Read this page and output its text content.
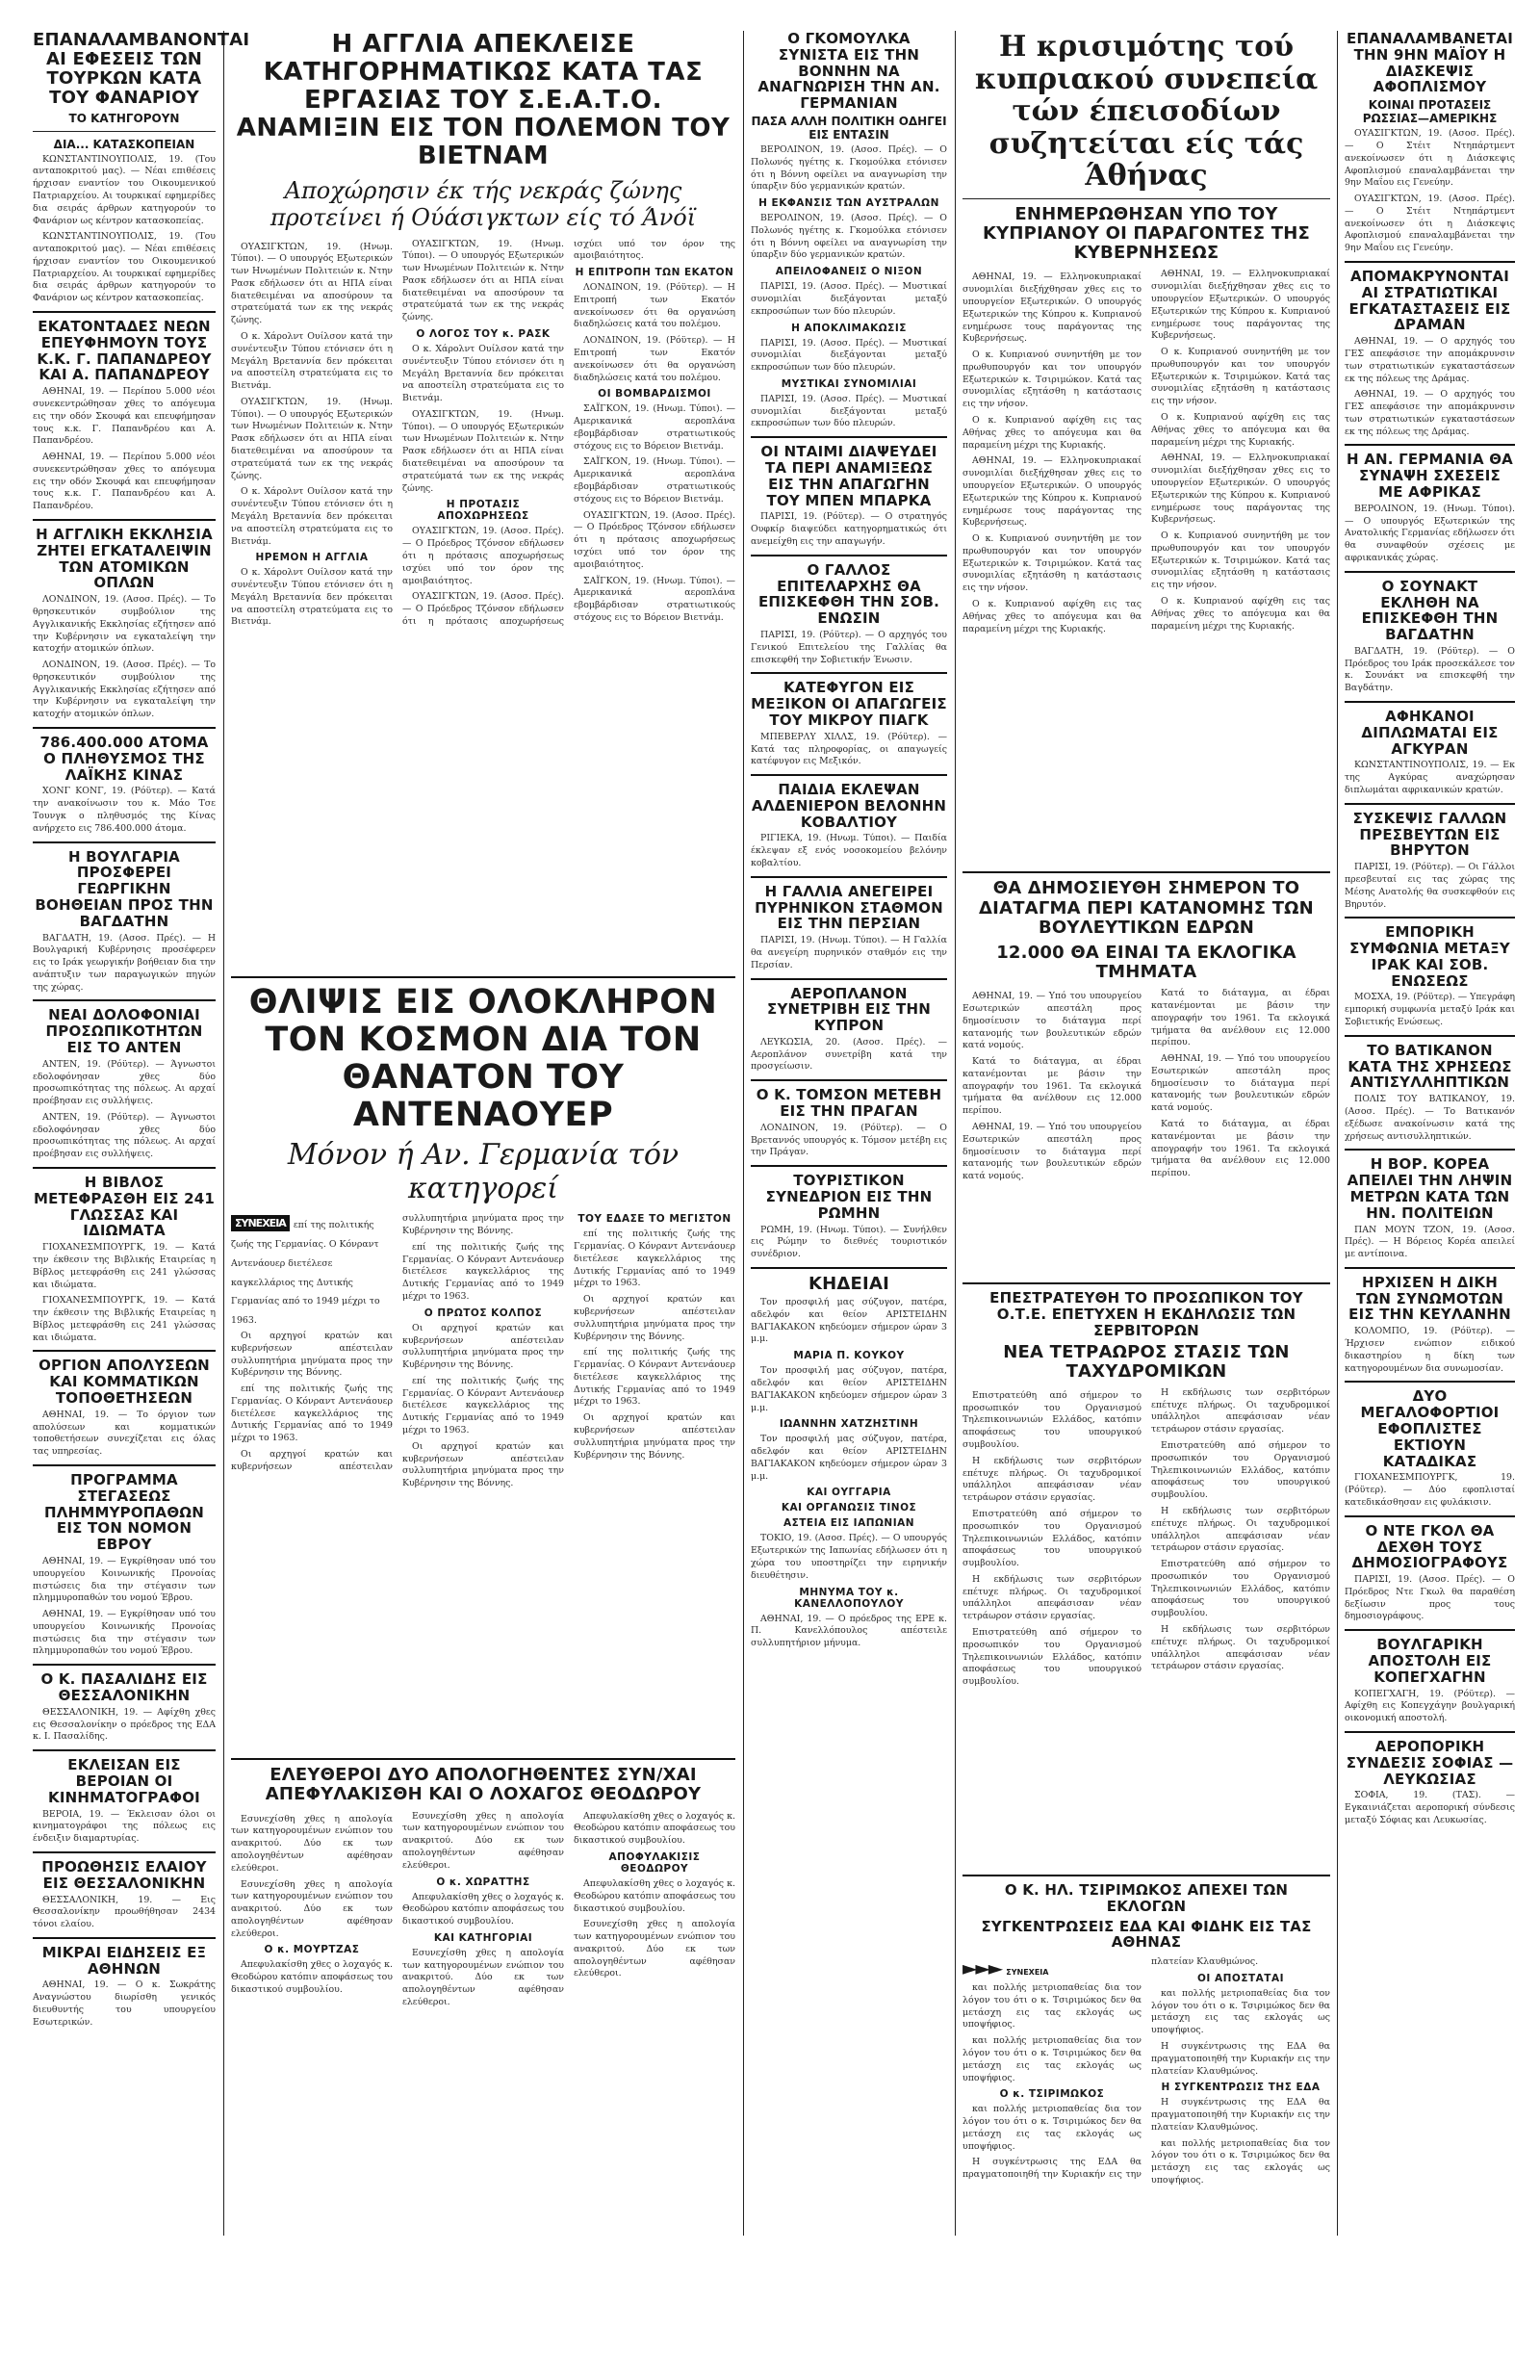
ΕΠΑΝΑΛΑΜΒΑΝΟΝΤΑΙ ΑΙ ΕΦΕΣΕΙΣ ΤΩΝ ΤΟΥΡΚΩΝ ΚΑΤΑ ΤΟΥ ΦΑΝΑΡΙΟΥ
ΤΟ ΚΑΤΗΓΟΡΟΥΝ
ΔΙΑ... ΚΑΤΑΣΚΟΠΕΙΑΝ
ΚΩΝΣΤΑΝΤΙΝΟΥΠΟΛΙΣ, 19. (Του ανταποκριτού μας). — Νέαι επιθέσεις ήρχισαν εναντίον του Οικουμενικού Πατριαρχείου. Αι τουρκικαί εφημερίδες δια σειράς άρθρων κατηγορούν το Φανάριον ως κέντρον κατασκοπείας.
ΚΩΝΣΤΑΝΤΙΝΟΥΠΟΛΙΣ, 19. (Του ανταποκριτού μας). — Νέαι επιθέσεις ήρχισαν εναντίον του Οικουμενικού Πατριαρχείου. Αι τουρκικαί εφημερίδες δια σειράς άρθρων κατηγορούν το Φανάριον ως κέντρον κατασκοπείας.
ΕΚΑΤΟΝΤΑΔΕΣ ΝΕΩΝ ΕΠΕΥΦΗΜΟΥΝ ΤΟΥΣ Κ.Κ. Γ. ΠΑΠΑΝΔΡΕΟΥ ΚΑΙ Α. ΠΑΠΑΝΔΡΕΟΥ
ΑΘΗΝΑΙ, 19. — Περίπου 5.000 νέοι συνεκεντρώθησαν χθες το απόγευμα εις την οδόν Σκουφά και επευφήμησαν τους κ.κ. Γ. Παπανδρέου και Α. Παπανδρέου.
ΑΘΗΝΑΙ, 19. — Περίπου 5.000 νέοι συνεκεντρώθησαν χθες το απόγευμα εις την οδόν Σκουφά και επευφήμησαν τους κ.κ. Γ. Παπανδρέου και Α. Παπανδρέου.
Η ΑΓΓΛΙΚΗ ΕΚΚΛΗΣΙΑ ΖΗΤΕΙ ΕΓΚΑΤΑΛΕΙΨΙΝ ΤΩΝ ΑΤΟΜΙΚΩΝ ΟΠΛΩΝ
ΛΟΝΔΙΝΟΝ, 19. (Ασοσ. Πρές). — Το θρησκευτικόν συμβούλιον της Αγγλικανικής Εκκλησίας εζήτησεν από την Κυβέρνησιν να εγκαταλείψη την κατοχήν ατομικών όπλων.
ΛΟΝΔΙΝΟΝ, 19. (Ασοσ. Πρές). — Το θρησκευτικόν συμβούλιον της Αγγλικανικής Εκκλησίας εζήτησεν από την Κυβέρνησιν να εγκαταλείψη την κατοχήν ατομικών όπλων.
786.400.000 ΑΤΟΜΑ Ο ΠΛΗΘΥΣΜΟΣ ΤΗΣ ΛΑΪΚΗΣ ΚΙΝΑΣ
ΧΟΝΓ ΚΟΝΓ, 19. (Ρόϋτερ). — Κατά την ανακοίνωσιν του κ. Μάο Τσε Τουνγκ ο πληθυσμός της Κίνας ανήρχετο εις 786.400.000 άτομα.
Η ΒΟΥΛΓΑΡΙΑ ΠΡΟΣΦΕΡΕΙ ΓΕΩΡΓΙΚΗΝ ΒΟΗΘΕΙΑΝ ΠΡΟΣ ΤΗΝ ΒΑΓΔΑΤΗΝ
ΒΑΓΔΑΤΗ, 19. (Ασοσ. Πρές). — Η Βουλγαρική Κυβέρνησις προσέφερεν εις το Ιράκ γεωργικήν βοήθειαν δια την ανάπτυξιν των παραγωγικών πηγών της χώρας.
ΝΕΑΙ ΔΟΛΟΦΟΝΙΑΙ ΠΡΟΣΩΠΙΚΟΤΗΤΩΝ ΕΙΣ ΤΟ ΑΝΤΕΝ
ΑΝΤΕΝ, 19. (Ρόϋτερ). — Άγνωστοι εδολοφόνησαν χθες δύο προσωπικότητας της πόλεως. Αι αρχαί προέβησαν εις συλλήψεις.
ΑΝΤΕΝ, 19. (Ρόϋτερ). — Άγνωστοι εδολοφόνησαν χθες δύο προσωπικότητας της πόλεως. Αι αρχαί προέβησαν εις συλλήψεις.
Η ΒΙΒΛΟΣ ΜΕΤΕΦΡΑΣΘΗ ΕΙΣ 241 ΓΛΩΣΣΑΣ ΚΑΙ ΙΔΙΩΜΑΤΑ
ΓΙΟΧΑΝΕΣΜΠΟΥΡΓΚ, 19. — Κατά την έκθεσιν της Βιβλικής Εταιρείας η Βίβλος μετεφράσθη εις 241 γλώσσας και ιδιώματα.
ΓΙΟΧΑΝΕΣΜΠΟΥΡΓΚ, 19. — Κατά την έκθεσιν της Βιβλικής Εταιρείας η Βίβλος μετεφράσθη εις 241 γλώσσας και ιδιώματα.
ΟΡΓΙΟΝ ΑΠΟΛΥΣΕΩΝ ΚΑΙ ΚΟΜΜΑΤΙΚΩΝ ΤΟΠΟΘΕΤΗΣΕΩΝ
ΑΘΗΝΑΙ, 19. — Το όργιον των απολύσεων και κομματικών τοποθετήσεων συνεχίζεται εις όλας τας υπηρεσίας.
ΠΡΟΓΡΑΜΜΑ ΣΤΕΓΑΣΕΩΣ ΠΛΗΜΜΥΡΟΠΑΘΩΝ ΕΙΣ ΤΟΝ ΝΟΜΟΝ ΕΒΡΟΥ
ΑΘΗΝΑΙ, 19. — Εγκρίθησαν υπό του υπουργείου Κοινωνικής Προνοίας πιστώσεις δια την στέγασιν των πλημμυροπαθών του νομού Έβρου.
ΑΘΗΝΑΙ, 19. — Εγκρίθησαν υπό του υπουργείου Κοινωνικής Προνοίας πιστώσεις δια την στέγασιν των πλημμυροπαθών του νομού Έβρου.
Ο Κ. ΠΑΣΑΛΙΔΗΣ ΕΙΣ ΘΕΣΣΑΛΟΝΙΚΗΝ
ΘΕΣΣΑΛΟΝΙΚΗ, 19. — Αφίχθη χθες εις Θεσσαλονίκην ο πρόεδρος της ΕΔΑ κ. Ι. Πασαλίδης.
ΕΚΛΕΙΣΑΝ ΕΙΣ ΒΕΡΟΙΑΝ ΟΙ ΚΙΝΗΜΑΤΟΓΡΑΦΟΙ
ΒΕΡΟΙΑ, 19. — Έκλεισαν όλοι οι κινηματογράφοι της πόλεως εις ένδειξιν διαμαρτυρίας.
ΠΡΟΩΘΗΣΙΣ ΕΛΑΙΟΥ ΕΙΣ ΘΕΣΣΑΛΟΝΙΚΗΝ
ΘΕΣΣΑΛΟΝΙΚΗ, 19. — Εις Θεσσαλονίκην προωθήθησαν 2434 τόνοι ελαίου.
ΜΙΚΡΑΙ ΕΙΔΗΣΕΙΣ ΕΞ ΑΘΗΝΩΝ
ΑΘΗΝΑΙ, 19. — Ο κ. Σωκράτης Αναγνώστου διωρίσθη γενικός διευθυντής του υπουργείου Εσωτερικών.
Η ΑΓΓΛΙΑ ΑΠΕΚΛΕΙΣΕ ΚΑΤΗΓΟΡΗΜΑΤΙΚΩΣ ΚΑΤΑ ΤΑΣ ΕΡΓΑΣΙΑΣ ΤΟΥ Σ.Ε.Α.Τ.Ο. ΑΝΑΜΙΞΙΝ ΕΙΣ ΤΟΝ ΠΟΛΕΜΟΝ ΤΟΥ ΒΙΕΤΝΑΜ
Αποχώρησιν έκ τής νεκράς ζώνης προτείνει ή Ούάσιγκτων είς τό Άνόϊ
ΟΥΑΣΙΓΚΤΩΝ, 19. (Ηνωμ. Τύποι). — Ο υπουργός Εξωτερικών των Ηνωμένων Πολιτειών κ. Ντην Ρασκ εδήλωσεν ότι αι ΗΠΑ είναι διατεθειμέναι να αποσύρουν τα στρατεύματά των εκ της νεκράς ζώνης.
Ο κ. Χάρολντ Ουίλσον κατά την συνέντευξιν Τύπου ετόνισεν ότι η Μεγάλη Βρεταννία δεν πρόκειται να αποστείλη στρατεύματα εις το Βιετνάμ.
ΟΥΑΣΙΓΚΤΩΝ, 19. (Ηνωμ. Τύποι). — Ο υπουργός Εξωτερικών των Ηνωμένων Πολιτειών κ. Ντην Ρασκ εδήλωσεν ότι αι ΗΠΑ είναι διατεθειμέναι να αποσύρουν τα στρατεύματά των εκ της νεκράς ζώνης.
Ο κ. Χάρολντ Ουίλσον κατά την συνέντευξιν Τύπου ετόνισεν ότι η Μεγάλη Βρεταννία δεν πρόκειται να αποστείλη στρατεύματα εις το Βιετνάμ.
ΗΡΕΜΟΝ Η ΑΓΓΛΙΑ
Ο κ. Χάρολντ Ουίλσον κατά την συνέντευξιν Τύπου ετόνισεν ότι η Μεγάλη Βρεταννία δεν πρόκειται να αποστείλη στρατεύματα εις το Βιετνάμ.
ΟΥΑΣΙΓΚΤΩΝ, 19. (Ηνωμ. Τύποι). — Ο υπουργός Εξωτερικών των Ηνωμένων Πολιτειών κ. Ντην Ρασκ εδήλωσεν ότι αι ΗΠΑ είναι διατεθειμέναι να αποσύρουν τα στρατεύματά των εκ της νεκράς ζώνης.
Ο ΛΟΓΟΣ ΤΟΥ κ. ΡΑΣΚ
Ο κ. Χάρολντ Ουίλσον κατά την συνέντευξιν Τύπου ετόνισεν ότι η Μεγάλη Βρεταννία δεν πρόκειται να αποστείλη στρατεύματα εις το Βιετνάμ.
ΟΥΑΣΙΓΚΤΩΝ, 19. (Ηνωμ. Τύποι). — Ο υπουργός Εξωτερικών των Ηνωμένων Πολιτειών κ. Ντην Ρασκ εδήλωσεν ότι αι ΗΠΑ είναι διατεθειμέναι να αποσύρουν τα στρατεύματά των εκ της νεκράς ζώνης.
Η ΠΡΟΤΑΣΙΣ ΑΠΟΧΩΡΗΣΕΩΣ
ΟΥΑΣΙΓΚΤΩΝ, 19. (Ασοσ. Πρές). — Ο Πρόεδρος Τζόνσον εδήλωσεν ότι η πρότασις αποχωρήσεως ισχύει υπό τον όρον της αμοιβαιότητος.
ΟΥΑΣΙΓΚΤΩΝ, 19. (Ασοσ. Πρές). — Ο Πρόεδρος Τζόνσον εδήλωσεν ότι η πρότασις αποχωρήσεως ισχύει υπό τον όρον της αμοιβαιότητος.
Η ΕΠΙΤΡΟΠΗ ΤΩΝ ΕΚΑΤΟΝ
ΛΟΝΔΙΝΟΝ, 19. (Ρόϋτερ). — Η Επιτροπή των Εκατόν ανεκοίνωσεν ότι θα οργανώση διαδηλώσεις κατά του πολέμου.
ΛΟΝΔΙΝΟΝ, 19. (Ρόϋτερ). — Η Επιτροπή των Εκατόν ανεκοίνωσεν ότι θα οργανώση διαδηλώσεις κατά του πολέμου.
ΟΙ ΒΟΜΒΑΡΔΙΣΜΟΙ
ΣΑΪΓΚΟΝ, 19. (Ηνωμ. Τύποι). — Αμερικανικά αεροπλάνα εβομβάρδισαν στρατιωτικούς στόχους εις το Βόρειον Βιετνάμ.
ΣΑΪΓΚΟΝ, 19. (Ηνωμ. Τύποι). — Αμερικανικά αεροπλάνα εβομβάρδισαν στρατιωτικούς στόχους εις το Βόρειον Βιετνάμ.
ΟΥΑΣΙΓΚΤΩΝ, 19. (Ασοσ. Πρές). — Ο Πρόεδρος Τζόνσον εδήλωσεν ότι η πρότασις αποχωρήσεως ισχύει υπό τον όρον της αμοιβαιότητος.
ΣΑΪΓΚΟΝ, 19. (Ηνωμ. Τύποι). — Αμερικανικά αεροπλάνα εβομβάρδισαν στρατιωτικούς στόχους εις το Βόρειον Βιετνάμ.
ΘΛΙΨΙΣ ΕΙΣ ΟΛΟΚΛΗΡΟΝ ΤΟΝ ΚΟΣΜΟΝ ΔΙΑ ΤΟΝ ΘΑΝΑΤΟΝ ΤΟΥ ΑΝΤΕΝΑΟΥΕΡ
Μόνον ή Αν. Γερμανία τόν κατηγορεί
ΣΥΝΕΧΕΙΑ επί της πολιτικής ζωής της Γερμανίας. Ο Κόνραντ Αντενάουερ διετέλεσε καγκελλάριος της Δυτικής Γερμανίας από το 1949 μέχρι το 1963.
Οι αρχηγοί κρατών και κυβερνήσεων απέστειλαν συλλυπητήρια μηνύματα προς την Κυβέρνησιν της Βόννης.
επί της πολιτικής ζωής της Γερμανίας. Ο Κόνραντ Αντενάουερ διετέλεσε καγκελλάριος της Δυτικής Γερμανίας από το 1949 μέχρι το 1963.
Οι αρχηγοί κρατών και κυβερνήσεων απέστειλαν συλλυπητήρια μηνύματα προς την Κυβέρνησιν της Βόννης.
επί της πολιτικής ζωής της Γερμανίας. Ο Κόνραντ Αντενάουερ διετέλεσε καγκελλάριος της Δυτικής Γερμανίας από το 1949 μέχρι το 1963.
Ο ΠΡΩΤΟΣ ΚΟΛΠΟΣ
Οι αρχηγοί κρατών και κυβερνήσεων απέστειλαν συλλυπητήρια μηνύματα προς την Κυβέρνησιν της Βόννης.
επί της πολιτικής ζωής της Γερμανίας. Ο Κόνραντ Αντενάουερ διετέλεσε καγκελλάριος της Δυτικής Γερμανίας από το 1949 μέχρι το 1963.
Οι αρχηγοί κρατών και κυβερνήσεων απέστειλαν συλλυπητήρια μηνύματα προς την Κυβέρνησιν της Βόννης.
ΤΟΥ ΕΔΑΣΕ ΤΟ ΜΕΓΙΣΤΟΝ
επί της πολιτικής ζωής της Γερμανίας. Ο Κόνραντ Αντενάουερ διετέλεσε καγκελλάριος της Δυτικής Γερμανίας από το 1949 μέχρι το 1963.
Οι αρχηγοί κρατών και κυβερνήσεων απέστειλαν συλλυπητήρια μηνύματα προς την Κυβέρνησιν της Βόννης.
επί της πολιτικής ζωής της Γερμανίας. Ο Κόνραντ Αντενάουερ διετέλεσε καγκελλάριος της Δυτικής Γερμανίας από το 1949 μέχρι το 1963.
Οι αρχηγοί κρατών και κυβερνήσεων απέστειλαν συλλυπητήρια μηνύματα προς την Κυβέρνησιν της Βόννης.
ΕΛΕΥΘΕΡΟΙ ΔΥΟ ΑΠΟΛΟΓΗΘΕΝΤΕΣ ΣΥΝ/ΧΑΙ ΑΠΕΦΥΛΑΚΙΣΘΗ ΚΑΙ Ο ΛΟΧΑΓΟΣ ΘΕΟΔΩΡΟΥ
Εσυνεχίσθη χθες η απολογία των κατηγορουμένων ενώπιον του ανακριτού. Δύο εκ των απολογηθέντων αφέθησαν ελεύθεροι.
Εσυνεχίσθη χθες η απολογία των κατηγορουμένων ενώπιον του ανακριτού. Δύο εκ των απολογηθέντων αφέθησαν ελεύθεροι.
Ο κ. ΜΟΥΡΤΖΑΣ
Απεφυλακίσθη χθες ο λοχαγός κ. Θεοδώρου κατόπιν αποφάσεως του δικαστικού συμβουλίου.
Εσυνεχίσθη χθες η απολογία των κατηγορουμένων ενώπιον του ανακριτού. Δύο εκ των απολογηθέντων αφέθησαν ελεύθεροι.
Ο κ. ΧΩΡΑΤΤΗΣ
Απεφυλακίσθη χθες ο λοχαγός κ. Θεοδώρου κατόπιν αποφάσεως του δικαστικού συμβουλίου.
ΚΑΙ ΚΑΤΗΓΟΡΙΑΙ
Εσυνεχίσθη χθες η απολογία των κατηγορουμένων ενώπιον του ανακριτού. Δύο εκ των απολογηθέντων αφέθησαν ελεύθεροι.
Απεφυλακίσθη χθες ο λοχαγός κ. Θεοδώρου κατόπιν αποφάσεως του δικαστικού συμβουλίου.
ΑΠΟΦΥΛΑΚΙΣΙΣ ΘΕΟΔΩΡΟΥ
Απεφυλακίσθη χθες ο λοχαγός κ. Θεοδώρου κατόπιν αποφάσεως του δικαστικού συμβουλίου.
Εσυνεχίσθη χθες η απολογία των κατηγορουμένων ενώπιον του ανακριτού. Δύο εκ των απολογηθέντων αφέθησαν ελεύθεροι.
Ο ΓΚΟΜΟΥΛΚΑ ΣΥΝΙΣΤΑ ΕΙΣ ΤΗΝ ΒΟΝΝΗΝ ΝΑ ΑΝΑΓΝΩΡΙΣΗ ΤΗΝ ΑΝ. ΓΕΡΜΑΝΙΑΝ
ΠΑΣΑ ΑΛΛΗ ΠΟΛΙΤΙΚΗ ΟΔΗΓΕΙ ΕΙΣ ΕΝΤΑΣΙΝ
ΒΕΡΟΛΙΝΟΝ, 19. (Ασοσ. Πρές). — Ο Πολωνός ηγέτης κ. Γκομούλκα ετόνισεν ότι η Βόννη οφείλει να αναγνωρίση την ύπαρξιν δύο γερμανικών κρατών.
Η ΕΚΦΑΝΣΙΣ ΤΩΝ ΑΥΣΤΡΑΛΩΝ
ΒΕΡΟΛΙΝΟΝ, 19. (Ασοσ. Πρές). — Ο Πολωνός ηγέτης κ. Γκομούλκα ετόνισεν ότι η Βόννη οφείλει να αναγνωρίση την ύπαρξιν δύο γερμανικών κρατών.
ΑΠΕΙΛΟΦΑΝΕΙΣ Ο ΝΙΞΟΝ
ΠΑΡΙΣΙ, 19. (Ασοσ. Πρές). — Μυστικαί συνομιλίαι διεξάγονται μεταξύ εκπροσώπων των δύο πλευρών.
Η ΑΠΟΚΛΙΜΑΚΩΣΙΣ
ΠΑΡΙΣΙ, 19. (Ασοσ. Πρές). — Μυστικαί συνομιλίαι διεξάγονται μεταξύ εκπροσώπων των δύο πλευρών.
ΜΥΣΤΙΚΑΙ ΣΥΝΟΜΙΛΙΑΙ
ΠΑΡΙΣΙ, 19. (Ασοσ. Πρές). — Μυστικαί συνομιλίαι διεξάγονται μεταξύ εκπροσώπων των δύο πλευρών.
ΟΙ ΝΤΑΙΜΙ ΔΙΑΨΕΥΔΕΙ ΤΑ ΠΕΡΙ ΑΝΑΜΙΞΕΩΣ ΕΙΣ ΤΗΝ ΑΠΑΓΩΓΗΝ ΤΟΥ ΜΠΕΝ ΜΠΑΡΚΑ
ΠΑΡΙΣΙ, 19. (Ρόϋτερ). — Ο στρατηγός Ουφκίρ διαψεύδει κατηγορηματικώς ότι ανεμείχθη εις την απαγωγήν.
Ο ΓΑΛΛΟΣ ΕΠΙΤΕΛΑΡΧΗΣ ΘΑ ΕΠΙΣΚΕΦΘΗ ΤΗΝ ΣΟΒ. ΕΝΩΣΙΝ
ΠΑΡΙΣΙ, 19. (Ρόϋτερ). — Ο αρχηγός του Γενικού Επιτελείου της Γαλλίας θα επισκεφθή την Σοβιετικήν Ένωσιν.
ΚΑΤΕΦΥΓΟΝ ΕΙΣ ΜΕΞΙΚΟΝ ΟΙ ΑΠΑΓΩΓΕΙΣ ΤΟΥ ΜΙΚΡΟΥ ΠΙΑΓΚ
ΜΠΕΒΕΡΛΥ ΧΙΛΛΣ, 19. (Ρόϋτερ). — Κατά τας πληροφορίας, οι απαγωγείς κατέφυγον εις Μεξικόν.
ΠΑΙΔΙΑ ΕΚΛΕΨΑΝ ΑΛΔΕΝΙΕΡΟΝ ΒΕΛΟΝΗΝ ΚΟΒΑΛΤΙΟΥ
ΡΙΓΙΕΚΑ, 19. (Ηνωμ. Τύποι). — Παιδία έκλεψαν εξ ενός νοσοκομείου βελόνην κοβαλτίου.
Η ΓΑΛΛΙΑ ΑΝΕΓΕΙΡΕΙ ΠΥΡΗΝΙΚΟΝ ΣΤΑΘΜΟΝ ΕΙΣ ΤΗΝ ΠΕΡΣΙΑΝ
ΠΑΡΙΣΙ, 19. (Ηνωμ. Τύποι). — Η Γαλλία θα ανεγείρη πυρηνικόν σταθμόν εις την Περσίαν.
ΑΕΡΟΠΛΑΝΟΝ ΣΥΝΕΤΡΙΒΗ ΕΙΣ ΤΗΝ ΚΥΠΡΟΝ
ΛΕΥΚΩΣΙΑ, 20. (Ασοσ. Πρές). — Αεροπλάνον συνετρίβη κατά την προσγείωσιν.
Ο Κ. ΤΟΜΣΟΝ ΜΕΤΕΒΗ ΕΙΣ ΤΗΝ ΠΡΑΓΑΝ
ΛΟΝΔΙΝΟΝ, 19. (Ρόϋτερ). — Ο Βρεταννός υπουργός κ. Τόμσον μετέβη εις την Πράγαν.
ΤΟΥΡΙΣΤΙΚΟΝ ΣΥΝΕΔΡΙΟΝ ΕΙΣ ΤΗΝ ΡΩΜΗΝ
ΡΩΜΗ, 19. (Ηνωμ. Τύποι). — Συνήλθεν εις Ρώμην το διεθνές τουριστικόν συνέδριον.
ΚΗΔΕΙΑΙ
Τον προσφιλή μας σύζυγον, πατέρα, αδελφόν και θείον ΑΡΙΣΤΕΙΔΗΝ ΒΑΓΙΑΚΑΚΟΝ κηδεύομεν σήμερον ώραν 3 μ.μ.
ΜΑΡΙΑ Π. ΚΟΥΚΟΥ
Τον προσφιλή μας σύζυγον, πατέρα, αδελφόν και θείον ΑΡΙΣΤΕΙΔΗΝ ΒΑΓΙΑΚΑΚΟΝ κηδεύομεν σήμερον ώραν 3 μ.μ.
ΙΩΑΝΝΗΝ ΧΑΤΖΗΣΤΙΝΗ
Τον προσφιλή μας σύζυγον, πατέρα, αδελφόν και θείον ΑΡΙΣΤΕΙΔΗΝ ΒΑΓΙΑΚΑΚΟΝ κηδεύομεν σήμερον ώραν 3 μ.μ.
ΚΑΙ ΟΥΓΓΑΡΙΑ
ΚΑΙ ΟΡΓΑΝΩΣΙΣ ΤΙΝΟΣ
ΑΣΤΕΙΑ ΕΙΣ ΙΑΠΩΝΙΑΝ
ΤΟΚΙΟ, 19. (Ασοσ. Πρές). — Ο υπουργός Εξωτερικών της Ιαπωνίας εδήλωσεν ότι η χώρα του υποστηρίζει την ειρηνικήν διευθέτησιν.
ΜΗΝΥΜΑ ΤΟΥ κ. ΚΑΝΕΛΛΟΠΟΥΛΟΥ
ΑΘΗΝΑΙ, 19. — Ο πρόεδρος της ΕΡΕ κ. Π. Κανελλόπουλος απέστειλε συλλυπητήριον μήνυμα.
Η κρισιμότης τού κυπριακού συνεπεία τών έπεισοδίων συζητείται είς τάς Άθήνας
ΕΝΗΜΕΡΩΘΗΣΑΝ ΥΠΟ ΤΟΥ ΚΥΠΡΙΑΝΟΥ ΟΙ ΠΑΡΑΓΟΝΤΕΣ ΤΗΣ ΚΥΒΕΡΝΗΣΕΩΣ
ΑΘΗΝΑΙ, 19. — Ελληνοκυπριακαί συνομιλίαι διεξήχθησαν χθες εις το υπουργείον Εξωτερικών. Ο υπουργός Εξωτερικών της Κύπρου κ. Κυπριανού ενημέρωσε τους παράγοντας της Κυβερνήσεως.
Ο κ. Κυπριανού συνηντήθη με τον πρωθυπουργόν και τον υπουργόν Εξωτερικών κ. Τσιριμώκον. Κατά τας συνομιλίας εξητάσθη η κατάστασις εις την νήσον.
Ο κ. Κυπριανού αφίχθη εις τας Αθήνας χθες το απόγευμα και θα παραμείνη μέχρι της Κυριακής.
ΑΘΗΝΑΙ, 19. — Ελληνοκυπριακαί συνομιλίαι διεξήχθησαν χθες εις το υπουργείον Εξωτερικών. Ο υπουργός Εξωτερικών της Κύπρου κ. Κυπριανού ενημέρωσε τους παράγοντας της Κυβερνήσεως.
Ο κ. Κυπριανού συνηντήθη με τον πρωθυπουργόν και τον υπουργόν Εξωτερικών κ. Τσιριμώκον. Κατά τας συνομιλίας εξητάσθη η κατάστασις εις την νήσον.
Ο κ. Κυπριανού αφίχθη εις τας Αθήνας χθες το απόγευμα και θα παραμείνη μέχρι της Κυριακής.
ΑΘΗΝΑΙ, 19. — Ελληνοκυπριακαί συνομιλίαι διεξήχθησαν χθες εις το υπουργείον Εξωτερικών. Ο υπουργός Εξωτερικών της Κύπρου κ. Κυπριανού ενημέρωσε τους παράγοντας της Κυβερνήσεως.
Ο κ. Κυπριανού συνηντήθη με τον πρωθυπουργόν και τον υπουργόν Εξωτερικών κ. Τσιριμώκον. Κατά τας συνομιλίας εξητάσθη η κατάστασις εις την νήσον.
Ο κ. Κυπριανού αφίχθη εις τας Αθήνας χθες το απόγευμα και θα παραμείνη μέχρι της Κυριακής.
ΑΘΗΝΑΙ, 19. — Ελληνοκυπριακαί συνομιλίαι διεξήχθησαν χθες εις το υπουργείον Εξωτερικών. Ο υπουργός Εξωτερικών της Κύπρου κ. Κυπριανού ενημέρωσε τους παράγοντας της Κυβερνήσεως.
Ο κ. Κυπριανού συνηντήθη με τον πρωθυπουργόν και τον υπουργόν Εξωτερικών κ. Τσιριμώκον. Κατά τας συνομιλίας εξητάσθη η κατάστασις εις την νήσον.
Ο κ. Κυπριανού αφίχθη εις τας Αθήνας χθες το απόγευμα και θα παραμείνη μέχρι της Κυριακής.
ΘΑ ΔΗΜΟΣΙΕΥΘΗ ΣΗΜΕΡΟΝ ΤΟ ΔΙΑΤΑΓΜΑ ΠΕΡΙ ΚΑΤΑΝΟΜΗΣ ΤΩΝ ΒΟΥΛΕΥΤΙΚΩΝ ΕΔΡΩΝ
12.000 ΘΑ ΕΙΝΑΙ ΤΑ ΕΚΛΟΓΙΚΑ ΤΜΗΜΑΤΑ
ΑΘΗΝΑΙ, 19. — Υπό του υπουργείου Εσωτερικών απεστάλη προς δημοσίευσιν το διάταγμα περί κατανομής των βουλευτικών εδρών κατά νομούς.
Κατά το διάταγμα, αι έδραι κατανέμονται με βάσιν την απογραφήν του 1961. Τα εκλογικά τμήματα θα ανέλθουν εις 12.000 περίπου.
ΑΘΗΝΑΙ, 19. — Υπό του υπουργείου Εσωτερικών απεστάλη προς δημοσίευσιν το διάταγμα περί κατανομής των βουλευτικών εδρών κατά νομούς.
Κατά το διάταγμα, αι έδραι κατανέμονται με βάσιν την απογραφήν του 1961. Τα εκλογικά τμήματα θα ανέλθουν εις 12.000 περίπου.
ΑΘΗΝΑΙ, 19. — Υπό του υπουργείου Εσωτερικών απεστάλη προς δημοσίευσιν το διάταγμα περί κατανομής των βουλευτικών εδρών κατά νομούς.
Κατά το διάταγμα, αι έδραι κατανέμονται με βάσιν την απογραφήν του 1961. Τα εκλογικά τμήματα θα ανέλθουν εις 12.000 περίπου.
ΕΠΕΣΤΡΑΤΕΥΘΗ ΤΟ ΠΡΟΣΩΠΙΚΟΝ ΤΟΥ Ο.Τ.Ε. ΕΠΕΤΥΧΕΝ Η ΕΚΔΗΛΩΣΙΣ ΤΩΝ ΣΕΡΒΙΤΟΡΩΝ
ΝΕΑ ΤΕΤΡΑΩΡΟΣ ΣΤΑΣΙΣ ΤΩΝ ΤΑΧΥΔΡΟΜΙΚΩΝ
Επιστρατεύθη από σήμερον το προσωπικόν του Οργανισμού Τηλεπικοινωνιών Ελλάδος, κατόπιν αποφάσεως του υπουργικού συμβουλίου.
Η εκδήλωσις των σερβιτόρων επέτυχε πλήρως. Οι ταχυδρομικοί υπάλληλοι απεφάσισαν νέαν τετράωρον στάσιν εργασίας.
Επιστρατεύθη από σήμερον το προσωπικόν του Οργανισμού Τηλεπικοινωνιών Ελλάδος, κατόπιν αποφάσεως του υπουργικού συμβουλίου.
Η εκδήλωσις των σερβιτόρων επέτυχε πλήρως. Οι ταχυδρομικοί υπάλληλοι απεφάσισαν νέαν τετράωρον στάσιν εργασίας.
Επιστρατεύθη από σήμερον το προσωπικόν του Οργανισμού Τηλεπικοινωνιών Ελλάδος, κατόπιν αποφάσεως του υπουργικού συμβουλίου.
Η εκδήλωσις των σερβιτόρων επέτυχε πλήρως. Οι ταχυδρομικοί υπάλληλοι απεφάσισαν νέαν τετράωρον στάσιν εργασίας.
Επιστρατεύθη από σήμερον το προσωπικόν του Οργανισμού Τηλεπικοινωνιών Ελλάδος, κατόπιν αποφάσεως του υπουργικού συμβουλίου.
Η εκδήλωσις των σερβιτόρων επέτυχε πλήρως. Οι ταχυδρομικοί υπάλληλοι απεφάσισαν νέαν τετράωρον στάσιν εργασίας.
Επιστρατεύθη από σήμερον το προσωπικόν του Οργανισμού Τηλεπικοινωνιών Ελλάδος, κατόπιν αποφάσεως του υπουργικού συμβουλίου.
Η εκδήλωσις των σερβιτόρων επέτυχε πλήρως. Οι ταχυδρομικοί υπάλληλοι απεφάσισαν νέαν τετράωρον στάσιν εργασίας.
Ο Κ. ΗΛ. ΤΣΙΡΙΜΩΚΟΣ ΑΠΕΧΕΙ ΤΩΝ ΕΚΛΟΓΩΝ
ΣΥΓΚΕΝΤΡΩΣΕΙΣ ΕΔΑ ΚΑΙ ΦΙΔΗΚ ΕΙΣ ΤΑΣ ΑΘΗΝΑΣ
►►► ΣΥΝΕΧΕΙΑ
και πολλής μετριοπαθείας δια τον λόγον του ότι ο κ. Τσιριμώκος δεν θα μετάσχη εις τας εκλογάς ως υποψήφιος.
και πολλής μετριοπαθείας δια τον λόγον του ότι ο κ. Τσιριμώκος δεν θα μετάσχη εις τας εκλογάς ως υποψήφιος.
Ο κ. ΤΣΙΡΙΜΩΚΟΣ
και πολλής μετριοπαθείας δια τον λόγον του ότι ο κ. Τσιριμώκος δεν θα μετάσχη εις τας εκλογάς ως υποψήφιος.
Η συγκέντρωσις της ΕΔΑ θα πραγματοποιηθή την Κυριακήν εις την πλατείαν Κλαυθμώνος.
ΟΙ ΑΠΟΣΤΑΤΑΙ
και πολλής μετριοπαθείας δια τον λόγον του ότι ο κ. Τσιριμώκος δεν θα μετάσχη εις τας εκλογάς ως υποψήφιος.
Η συγκέντρωσις της ΕΔΑ θα πραγματοποιηθή την Κυριακήν εις την πλατείαν Κλαυθμώνος.
Η ΣΥΓΚΕΝΤΡΩΣΙΣ ΤΗΣ ΕΔΑ
Η συγκέντρωσις της ΕΔΑ θα πραγματοποιηθή την Κυριακήν εις την πλατείαν Κλαυθμώνος.
και πολλής μετριοπαθείας δια τον λόγον του ότι ο κ. Τσιριμώκος δεν θα μετάσχη εις τας εκλογάς ως υποψήφιος.
ΕΠΑΝΑΛΑΜΒΑΝΕΤΑΙ ΤΗΝ 9ΗΝ ΜΑΪΟΥ Η ΔΙΑΣΚΕΨΙΣ ΑΦΟΠΛΙΣΜΟΥ
ΚΟΙΝΑΙ ΠΡΟΤΑΣΕΙΣ ΡΩΣΣΙΑΣ—ΑΜΕΡΙΚΗΣ
ΟΥΑΣΙΓΚΤΩΝ, 19. (Ασοσ. Πρές). — Ο Στέιτ Ντηπάρτμεντ ανεκοίνωσεν ότι η Διάσκεψις Αφοπλισμού επαναλαμβάνεται την 9ην Μαΐου εις Γενεύην.
ΟΥΑΣΙΓΚΤΩΝ, 19. (Ασοσ. Πρές). — Ο Στέιτ Ντηπάρτμεντ ανεκοίνωσεν ότι η Διάσκεψις Αφοπλισμού επαναλαμβάνεται την 9ην Μαΐου εις Γενεύην.
ΑΠΟΜΑΚΡΥΝΟΝΤΑΙ ΑΙ ΣΤΡΑΤΙΩΤΙΚΑΙ ΕΓΚΑΤΑΣΤΑΣΕΙΣ ΕΙΣ ΔΡΑΜΑΝ
ΑΘΗΝΑΙ, 19. — Ο αρχηγός του ΓΕΣ απεφάσισε την απομάκρυνσιν των στρατιωτικών εγκαταστάσεων εκ της πόλεως της Δράμας.
ΑΘΗΝΑΙ, 19. — Ο αρχηγός του ΓΕΣ απεφάσισε την απομάκρυνσιν των στρατιωτικών εγκαταστάσεων εκ της πόλεως της Δράμας.
Η ΑΝ. ΓΕΡΜΑΝΙΑ ΘΑ ΣΥΝΑΨΗ ΣΧΕΣΕΙΣ ΜΕ ΑΦΡΙΚΑΣ
ΒΕΡΟΛΙΝΟΝ, 19. (Ηνωμ. Τύποι). — Ο υπουργός Εξωτερικών της Ανατολικής Γερμανίας εδήλωσεν ότι θα συναφθούν σχέσεις με αφρικανικάς χώρας.
Ο ΣΟΥΝΑΚΤ ΕΚΛΗΘΗ ΝΑ ΕΠΙΣΚΕΦΘΗ ΤΗΝ ΒΑΓΔΑΤΗΝ
ΒΑΓΔΑΤΗ, 19. (Ρόϋτερ). — Ο Πρόεδρος του Ιράκ προσεκάλεσε τον κ. Σουνάκτ να επισκεφθή την Βαγδάτην.
ΑΦΗΚΑΝΟΙ ΔΙΠΛΩΜΑΤΑΙ ΕΙΣ ΑΓΚΥΡΑΝ
ΚΩΝΣΤΑΝΤΙΝΟΥΠΟΛΙΣ, 19. — Εκ της Αγκύρας αναχώρησαν διπλωμάται αφρικανικών κρατών.
ΣΥΣΚΕΨΙΣ ΓΑΛΛΩΝ ΠΡΕΣΒΕΥΤΩΝ ΕΙΣ ΒΗΡΥΤΟΝ
ΠΑΡΙΣΙ, 19. (Ρόϋτερ). — Οι Γάλλοι πρεσβευταί εις τας χώρας της Μέσης Ανατολής θα συσκεφθούν εις Βηρυτόν.
ΕΜΠΟΡΙΚΗ ΣΥΜΦΩΝΙΑ ΜΕΤΑΞΥ ΙΡΑΚ ΚΑΙ ΣΟΒ. ΕΝΩΣΕΩΣ
ΜΟΣΧΑ, 19. (Ρόϋτερ). — Υπεγράφη εμπορική συμφωνία μεταξύ Ιράκ και Σοβιετικής Ενώσεως.
ΤΟ ΒΑΤΙΚΑΝΟΝ ΚΑΤΑ ΤΗΣ ΧΡΗΣΕΩΣ ΑΝΤΙΣΥΛΛΗΠΤΙΚΩΝ
ΠΟΛΙΣ ΤΟΥ ΒΑΤΙΚΑΝΟΥ, 19. (Ασοσ. Πρές). — Το Βατικανόν εξέδωσε ανακοίνωσιν κατά της χρήσεως αντισυλληπτικών.
Η ΒΟΡ. ΚΟΡΕΑ ΑΠΕΙΛΕΙ ΤΗΝ ΛΗΨΙΝ ΜΕΤΡΩΝ ΚΑΤΑ ΤΩΝ ΗΝ. ΠΟΛΙΤΕΙΩΝ
ΠΑΝ ΜΟΥΝ ΤΖΟΝ, 19. (Ασοσ. Πρές). — Η Βόρειος Κορέα απειλεί με αντίποινα.
ΗΡΧΙΣΕΝ Η ΔΙΚΗ ΤΩΝ ΣΥΝΩΜΟΤΩΝ ΕΙΣ ΤΗΝ ΚΕΥΛΑΝΗΝ
ΚΟΛΟΜΠΟ, 19. (Ρόϋτερ). — Ήρχισεν ενώπιον ειδικού δικαστηρίου η δίκη των κατηγορουμένων δια συνωμοσίαν.
ΔΥΟ ΜΕΓΑΛΟΦΟΡΤΙΟΙ ΕΦΟΠΛΙΣΤΕΣ ΕΚΤΙΟΥΝ ΚΑΤΑΔΙΚΑΣ
ΓΙΟΧΑΝΕΣΜΠΟΥΡΓΚ, 19. (Ρόϋτερ). — Δύο εφοπλισταί κατεδικάσθησαν εις φυλάκισιν.
Ο ΝΤΕ ΓΚΟΛ ΘΑ ΔΕΧΘΗ ΤΟΥΣ ΔΗΜΟΣΙΟΓΡΑΦΟΥΣ
ΠΑΡΙΣΙ, 19. (Ασοσ. Πρές). — Ο Πρόεδρος Ντε Γκωλ θα παραθέση δεξίωσιν προς τους δημοσιογράφους.
ΒΟΥΛΓΑΡΙΚΗ ΑΠΟΣΤΟΛΗ ΕΙΣ ΚΟΠΕΓΧΑΓΗΝ
ΚΟΠΕΓΧΑΓΗ, 19. (Ρόϋτερ). — Αφίχθη εις Κοπεγχάγην βουλγαρική οικονομική αποστολή.
ΑΕΡΟΠΟΡΙΚΗ ΣΥΝΔΕΣΙΣ ΣΟΦΙΑΣ — ΛΕΥΚΩΣΙΑΣ
ΣΟΦΙΑ, 19. (ΤΑΣ). — Εγκαινιάζεται αεροπορική σύνδεσις μεταξύ Σόφιας και Λευκωσίας.
